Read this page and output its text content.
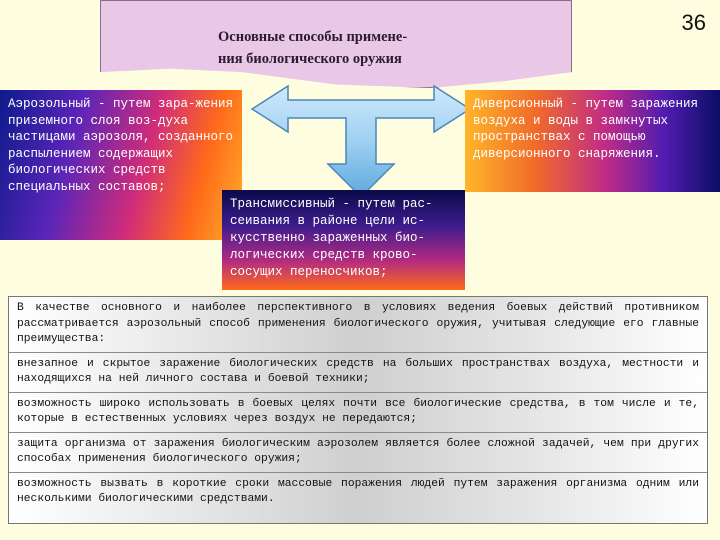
36
Основные способы примене-
ния биологического оружия
Аэрозольный - путем зара-жения приземного слоя воз-духа частицами аэрозоля, созданного распылением содержащих биологических средств специальных составов;
Диверсионный - путем заражения воздуха и воды в замкнутых пространствах с помощью диверсионного снаряжения.
Трансмиссивный - путем рас-сеивания в районе цели ис-кусственно зараженных био-логических средств крово-сосущих переносчиков;
В качестве основного и наиболее перспективного в условиях ведения боевых действий противником рассматривается аэрозольный способ применения биологического оружия, учитывая следующие его главные преимущества:
внезапное и скрытое заражение биологических средств на больших пространствах воздуха, местности и находящихся на ней личного состава и боевой техники;
возможность широко использовать в боевых целях почти все биологические средства, в том числе и те, которые в естественных условиях через воздух не передаются;
защита организма от заражения биологическим аэрозолем является более сложной задачей, чем при других способах применения биологического оружия;
возможность вызвать в короткие сроки массовые поражения людей путем заражения организма одним или несколькими биологическими средствами.
